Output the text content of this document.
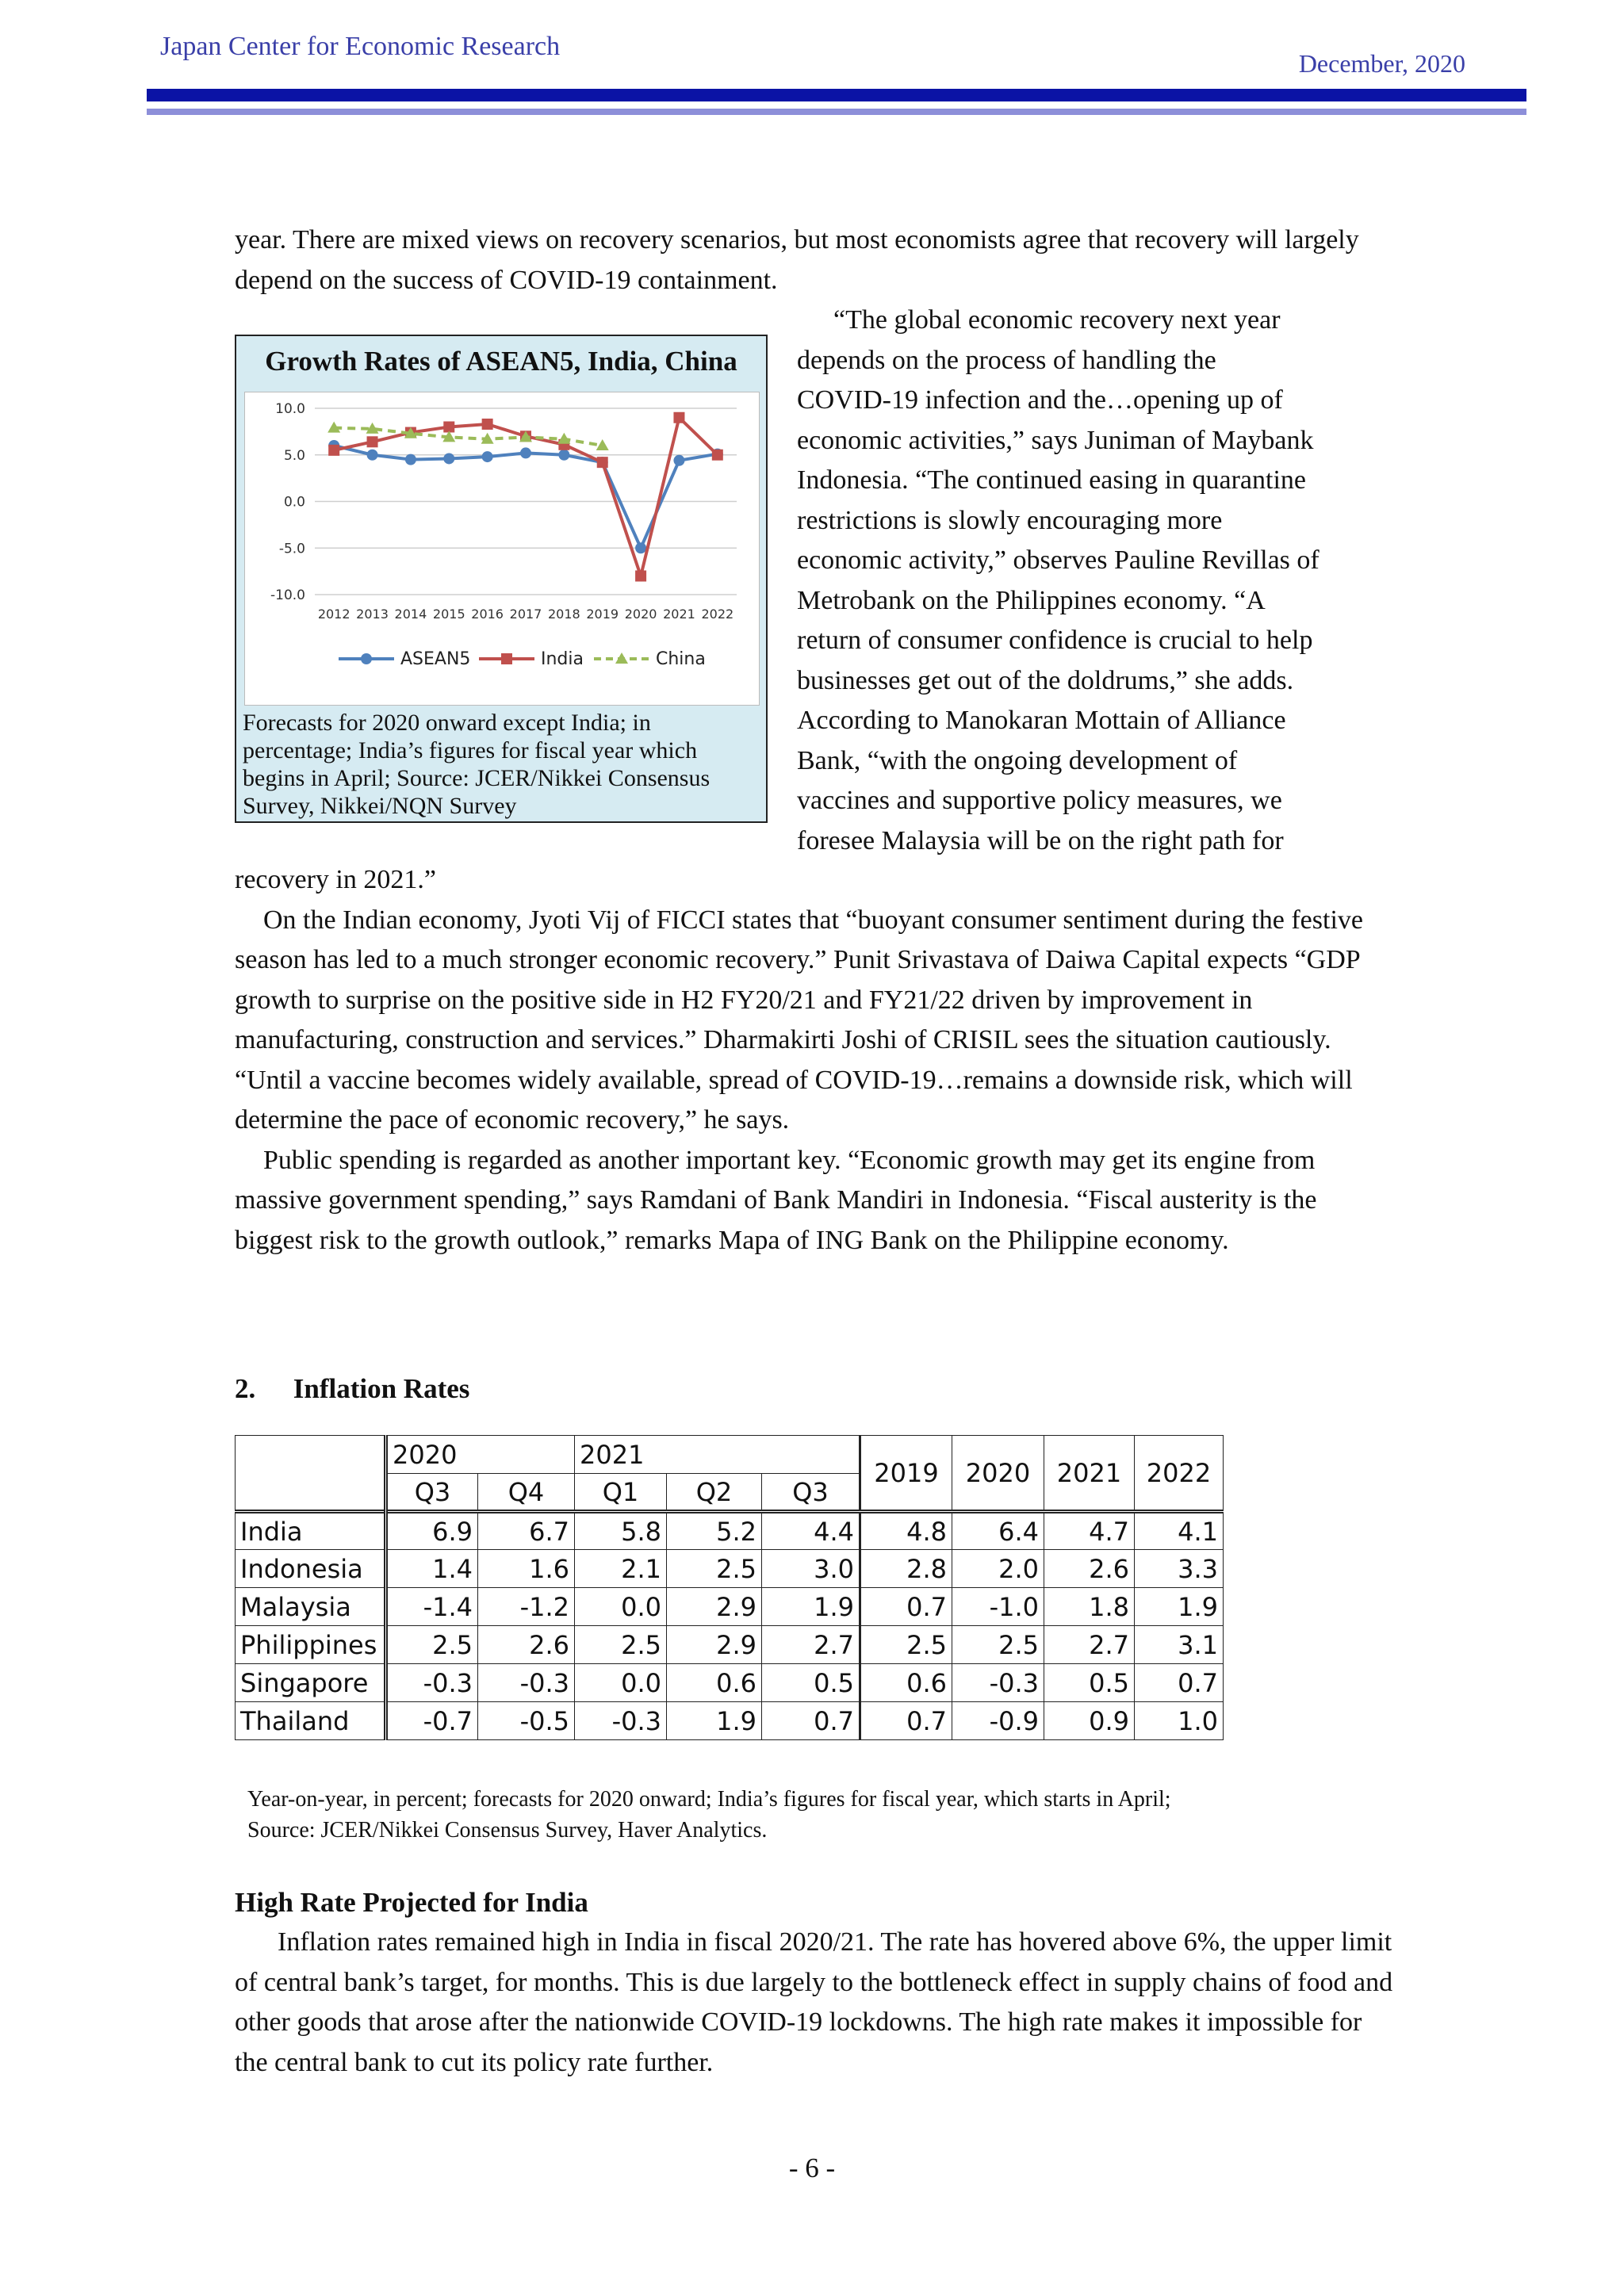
Japan Center for Economic Research
December, 2020
year. There are mixed views on recovery scenarios, but most economists agree that recovery will largely depend on the success of COVID-19 containment.
“The global economic recovery next year
depends on the process of handling the
COVID-19 infection and the…opening up of
economic activities,” says Juniman of Maybank
Indonesia. “The continued easing in quarantine
restrictions is slowly encouraging more
economic activity,” observes Pauline Revillas of
Metrobank on the Philippines economy. “A
return of consumer confidence is crucial to help
businesses get out of the doldrums,” she adds.
According to Manokaran Mottain of Alliance
Bank, “with the ongoing development of
vaccines and supportive policy measures, we
foresee Malaysia will be on the right path for
Growth Rates of ASEAN5, India, China
10.0
5.0
0.0
-5.0
-10.0
2012 2013 2014 2015 2016 2017 2018 2019 2020 2021 2022
ASEAN5	India	China
Forecasts for 2020 onward except India; in percentage; India’s figures for fiscal year which begins in April; Source: JCER/Nikkei Consensus Survey, Nikkei/NQN Survey

recovery in 2021.”

On the Indian economy, Jyoti Vij of FICCI states that “buoyant consumer sentiment during the festive season has led to a much stronger economic recovery.” Punit Srivastava of Daiwa Capital expects “GDP growth to surprise on the positive side in H2 FY20/21 and FY21/22 driven by improvement in manufacturing, construction and services.” Dharmakirti Joshi of CRISIL sees the situation cautiously. “Until a vaccine becomes widely available, spread of COVID-19…remains a downside risk, which will determine the pace of economic recovery,” he says.

Public spending is regarded as another important key. “Economic growth may get its engine from massive government spending,” says Ramdani of Bank Mandiri in Indonesia. “Fiscal austerity is the biggest risk to the growth outlook,” remarks Mapa of ING Bank on the Philippine economy.

2. Inflation Rates
	2020		2021			2019	2020	2021	2022
	Q3	Q4	Q1	Q2	Q3				
India	6.9	6.7	5.8	5.2	4.4	4.8	6.4	4.7	4.1
Indonesia	1.4	1.6	2.1	2.5	3.0	2.8	2.0	2.6	3.3
Malaysia	-1.4	-1.2	0.0	2.9	1.9	0.7	-1.0	1.8	1.9
Philippines	2.5	2.6	2.5	2.9	2.7	2.5	2.5	2.7	3.1
Singapore	-0.3	-0.3	0.0	0.6	0.5	0.6	-0.3	0.5	0.7
Thailand	-0.7	-0.5	-0.3	1.9	0.7	0.7	-0.9	0.9	1.0
Year-on-year, in percent; forecasts for 2020 onward; India’s figures for fiscal year, which starts in April;
Source: JCER/Nikkei Consensus Survey, Haver Analytics.
High Rate Projected for India

Inflation rates remained high in India in fiscal 2020/21. The rate has hovered above 6%, the upper limit of central bank’s target, for months. This is due largely to the bottleneck effect in supply chains of food and other goods that arose after the nationwide COVID-19 lockdowns. The high rate makes it impossible for the central bank to cut its policy rate further.

- 6 -
